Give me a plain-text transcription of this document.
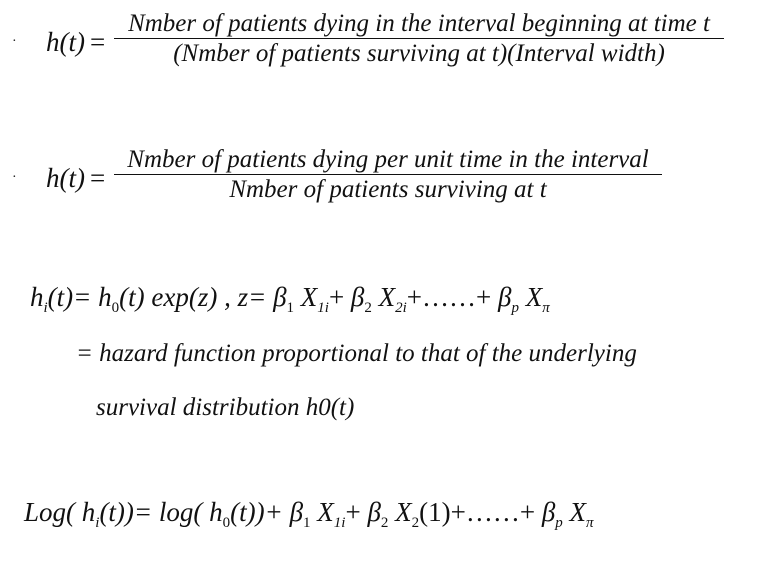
· h(t) =
Nmber of patients dying in the interval beginning at time t
(Nmber of patients surviving at t)(Interval width)
· h(t) =
Nmber of patients dying per unit time in the interval
Nmber of patients surviving at t
$h_i(t)= h_0(t)$ exp(z) , $z= \beta_1$ $X_{1i}+ \beta_2$ $X_{2i}+\dots\dots+ \beta_p$ $X_\pi$
= hazard function proportional to that of the underlying
survival distribution h0(t)
Log( $h_i(t))= \log$( $h_0(t))+ \beta_1$ $X_{1i}+ \beta_2$ $X_2(1)+\dots\dots+ \beta_p$ $X_\pi$
